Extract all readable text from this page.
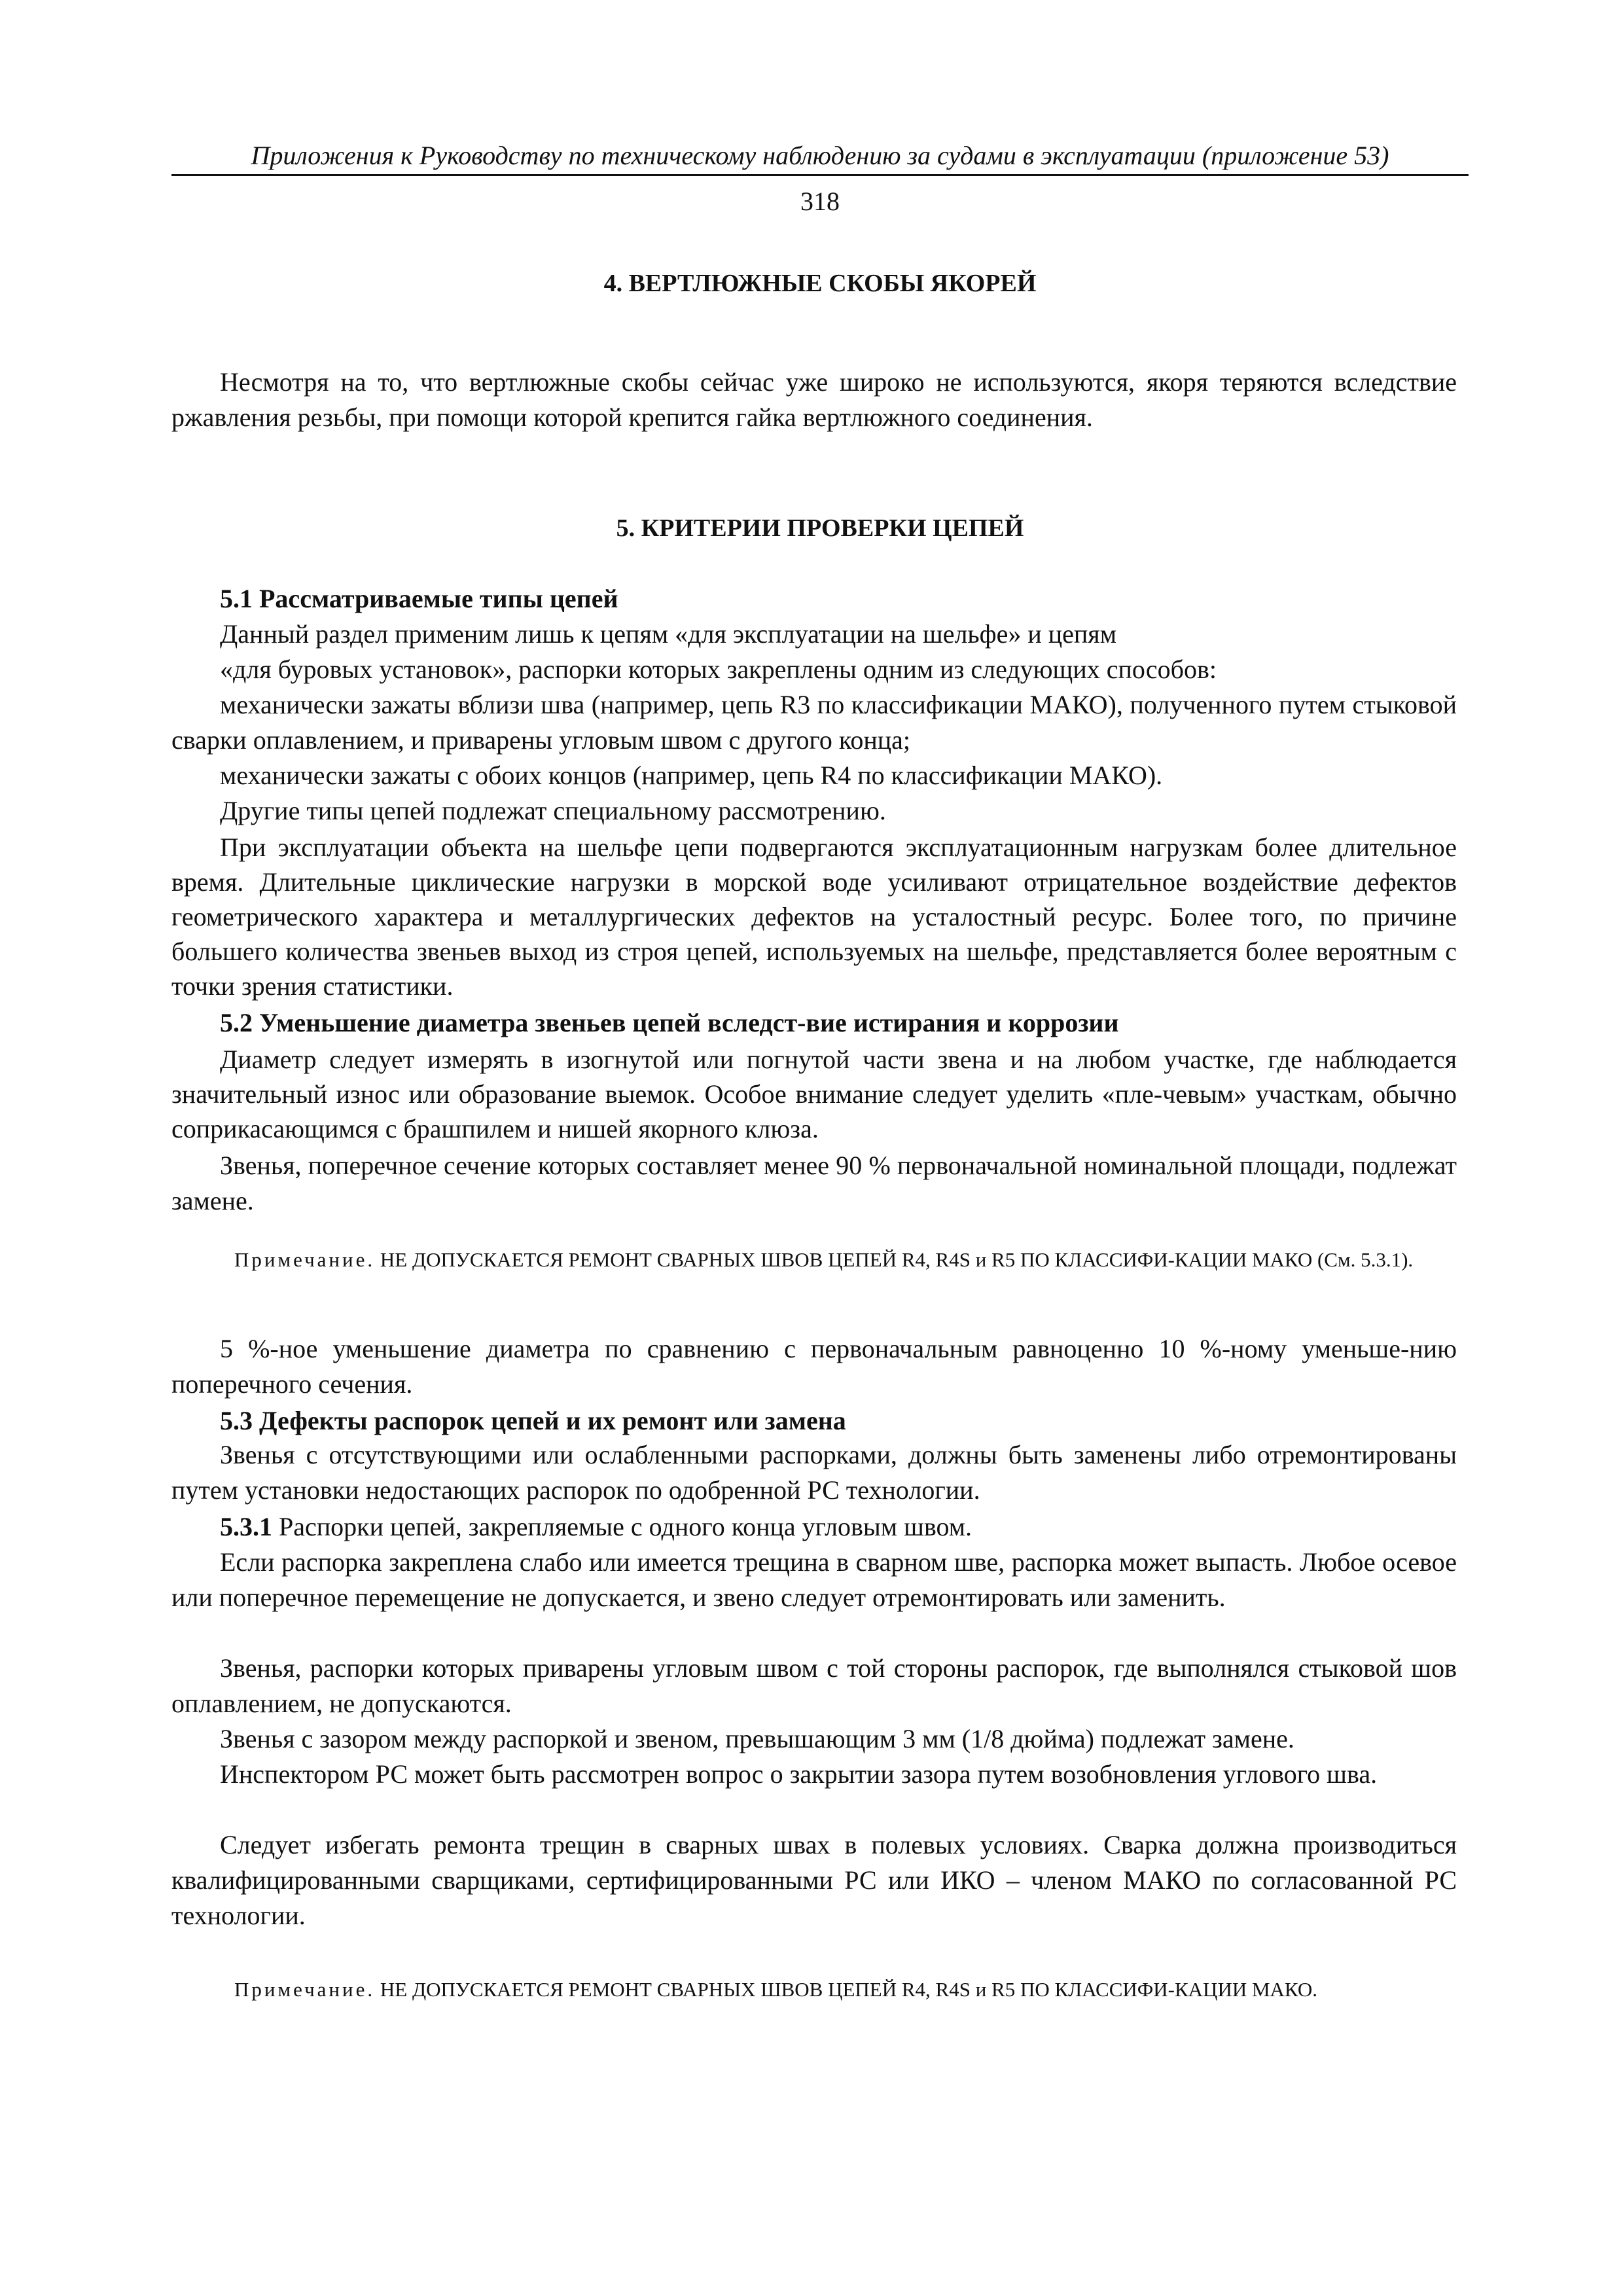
Приложения к Руководству по техническому наблюдению за судами в эксплуатации (приложение 53)
318
4. ВЕРТЛЮЖНЫЕ СКОБЫ ЯКОРЕЙ

Несмотря на то, что вертлюжные скобы сейчас уже широко не используются, якоря теряются вследствие ржавления резьбы, при помощи которой крепится гайка вертлюжного соединения.

5. КРИТЕРИИ ПРОВЕРКИ ЦЕПЕЙ

5.1 Рассматриваемые типы цепей

Данный раздел применим лишь к цепям «для эксплуатации на шельфе» и цепям

«для буровых установок», распорки которых закреплены одним из следующих способов:

механически зажаты вблизи шва (например, цепь R3 по классификации МАКО), полученного путем стыковой сварки оплавлением, и приварены угловым швом с другого конца;

механически зажаты с обоих концов (например, цепь R4 по классификации МАКО).

Другие типы цепей подлежат специальному рассмотрению.

При эксплуатации объекта на шельфе цепи подвергаются эксплуатационным нагрузкам более длительное время. Длительные циклические нагрузки в морской воде усиливают отрицательное воздействие дефектов геометрического характера и металлургических дефектов на усталостный ресурс. Более того, по причине большего количества звеньев выход из строя цепей, используемых на шельфе, представляется более вероятным с точки зрения статистики.

5.2 Уменьшение диаметра звеньев цепей вследст-вие истирания и коррозии

Диаметр следует измерять в изогнутой или погнутой части звена и на любом участке, где наблюдается значительный износ или образование выемок. Особое внимание следует уделить «пле-чевым» участкам, обычно соприкасающимся с брашпилем и нишей якорного клюза.

Звенья, поперечное сечение которых составляет менее 90 % первоначальной номинальной площади, подлежат замене.

Примечание. НЕ ДОПУСКАЕТСЯ РЕМОНТ СВАРНЫХ ШВОВ ЦЕПЕЙ R4, R4S и R5 ПО КЛАССИФИ-КАЦИИ МАКО (См. 5.3.1).

5 %-ное уменьшение диаметра по сравнению с первоначальным равноценно 10 %-ному уменьше-нию поперечного сечения.

5.3 Дефекты распорок цепей и их ремонт или замена

Звенья с отсутствующими или ослабленными распорками, должны быть заменены либо отремонтированы путем установки недостающих распорок по одобренной РС технологии.

5.3.1 Распорки цепей, закрепляемые с одного конца угловым швом.

Если распорка закреплена слабо или имеется трещина в сварном шве, распорка может выпасть. Любое осевое или поперечное перемещение не допускается, и звено следует отремонтировать или заменить.

Звенья, распорки которых приварены угловым швом с той стороны распорок, где выполнялся стыковой шов оплавлением, не допускаются.

Звенья с зазором между распоркой и звеном, превышающим 3 мм (1/8 дюйма) подлежат замене.

Инспектором РС может быть рассмотрен вопрос о закрытии зазора путем возобновления углового шва.

Следует избегать ремонта трещин в сварных швах в полевых условиях. Сварка должна производиться квалифицированными сварщиками, сертифицированными РС или ИКО – членом МАКО по согласованной РС технологии.

Примечание. НЕ ДОПУСКАЕТСЯ РЕМОНТ СВАРНЫХ ШВОВ ЦЕПЕЙ R4, R4S и R5 ПО КЛАССИФИ-КАЦИИ МАКО.
